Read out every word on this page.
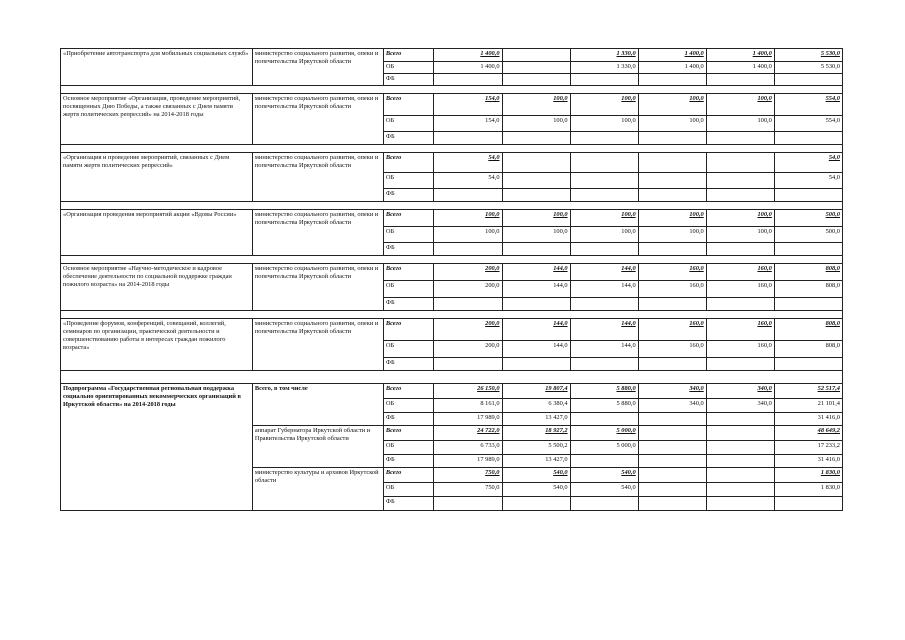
«Приобретение автотранспорта для мобильных социальных служб»	министерство социального развития, опеки и попечительства Иркутской области	Всего	1 400,0		1 330,0	1 400,0	1 400,0	5 530,0
		ОБ	1 400,0		1 330,0	1 400,0	1 400,0	5 530,0
		ФБ						

Основное мероприятие «Организация, проведение мероприятий, посвященных Дню Победы, а также связанных с Днем памяти жертв политических репрессий» на 2014-2018 годы	министерство социального развития, опеки и попечительства Иркутской области	Всего	154,0	100,0	100,0	100,0	100,0	554,0
		ОБ	154,0	100,0	100,0	100,0	100,0	554,0
		ФБ						

«Организация и проведение мероприятий, связанных с Днем памяти жертв политических репрессий»	министерство социального развития, опеки и попечительства Иркутской области	Всего	54,0					54,0
		ОБ	54,0					54,0
		ФБ						

«Организация проведения мероприятий акции «Вдовы России»	министерство социального развития, опеки и попечительства Иркутской области	Всего	100,0	100,0	100,0	100,0	100,0	500,0
		ОБ	100,0	100,0	100,0	100,0	100,0	500,0
		ФБ						

Основное мероприятие «Научно-методическое и кадровое обеспечение деятельности по социальной поддержке граждан пожилого возраста» на 2014-2018 годы	министерство социального развития, опеки и попечительства Иркутской области	Всего	200,0	144,0	144,0	160,0	160,0	808,0
		ОБ	200,0	144,0	144,0	160,0	160,0	808,0
		ФБ						

«Проведение форумов, конференций, совещаний, коллегий, семинаров по организации, практической деятельности и совершенствованию работы в интересах граждан пожилого возраста»	министерство социального развития, опеки и попечительства Иркутской области	Всего	200,0	144,0	144,0	160,0	160,0	808,0
		ОБ	200,0	144,0	144,0	160,0	160,0	808,0
		ФБ						

Подпрограмма «Государственная региональная поддержка социально ориентированных некоммерческих организаций в Иркутской области» на 2014-2018 годы	Всего, в том числе	Всего	26 150,0	19 807,4	5 880,0	340,0	340,0	52 517,4
		ОБ	8 161,0	6 380,4	5 880,0	340,0	340,0	21 101,4
		ФБ	17 989,0	13 427,0				31 416,0
	аппарат Губернатора Иркутской области и Правительства Иркутской области	Всего	24 722,0	18 927,2	5 000,0			48 649,2
		ОБ	6 733,0	5 500,2	5 000,0			17 233,2
		ФБ	17 989,0	13 427,0				31 416,0
	министерство культуры и архивов Иркутской области	Всего	750,0	540,0	540,0			1 830,0
		ОБ	750,0	540,0	540,0			1 830,0
		ФБ						
